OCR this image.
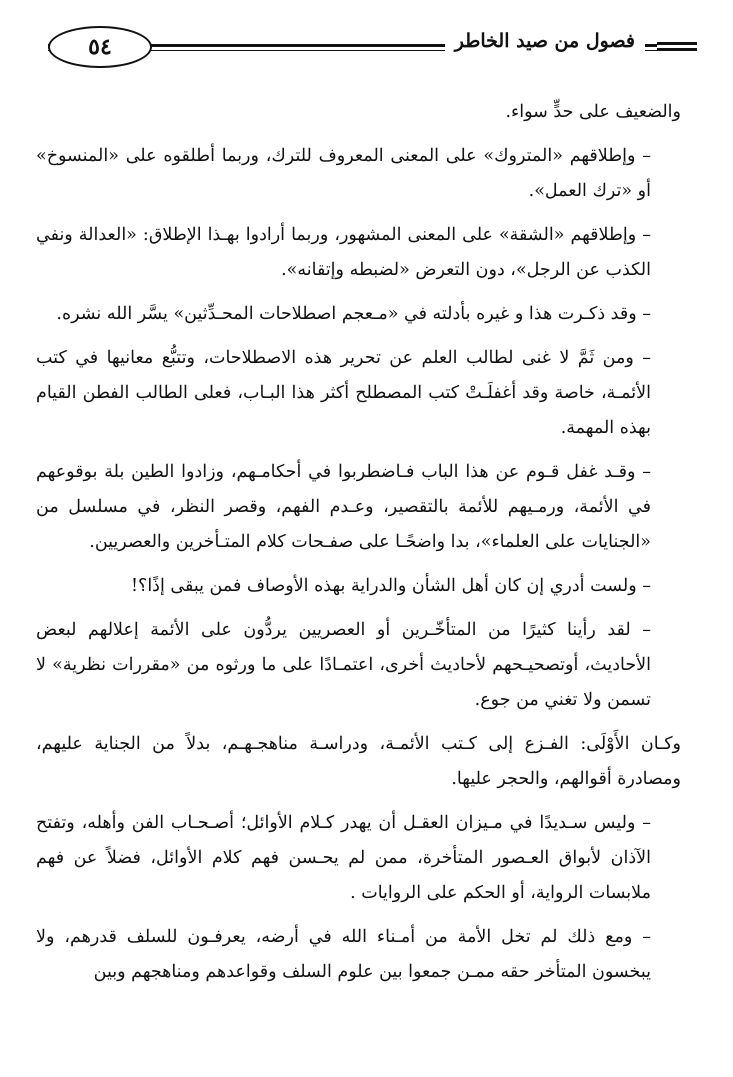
٥٤	فصول من صيد الخاطر

والضعيف على حدٍّ سواء.

– وإطلاقهم «المتروك» على المعنى المعروف للترك، وربما أطلقوه على «المنسوخ» أو «ترك العمل».

– وإطلاقهم «الشقة» على المعنى المشهور، وربما أرادوا بهـذا الإطلاق: «العدالة ونفي الكذب عن الرجل»، دون التعرض «لضبطه وإتقانه».

– وقد ذكـرت هذا و غيره بأدلته في «مـعجم اصطلاحات المحـدِّثين» يسَّر الله نشره.

– ومن ثَمَّ لا غنى لطالب العلم عن تحرير هذه الاصطلاحات، وتتبُّع معانيها في كتب الأئمـة، خاصة وقد أغفلَـتْ كتب المصطلح أكثر هذا البـاب، فعلى الطالب الفطن القيام بهذه المهمة.

– وقـد غفل قـوم عن هذا الباب فـاضطربوا في أحكامـهم، وزادوا الطين بلة بوقوعهم في الأئمة، ورمـيهم للأئمة بالتقصير، وعـدم الفهم، وقصر النظر، في مسلسل من «الجنايات على العلماء»، بدا واضحًـا على صفـحات كلام المتـأخرين والعصريين.

– ولست أدري إن كان أهل الشأن والدراية بهذه الأوصاف فمن يبقى إذًا؟!

– لقد رأينا كثيرًا من المتأخّـرين أو العصريين يردُّون على الأئمة إعلالهم لبعض الأحاديث، أوتصحيـحهم لأحاديث أخرى، اعتمـادًا على ما ورثوه من «مقررات نظرية» لا تسمن ولا تغني من جوع.

وكـان الأَوْلَى: الفـزع إلى كـتب الأئمـة، ودراسـة مناهجـهـم، بدلاً من الجناية عليهم، ومصادرة أقوالهم، والحجر عليها.

– وليس سـديدًا في مـيزان العقـل أن يهدر كـلام الأوائل؛ أصـحـاب الفن وأهله، وتفتح الآذان لأبواق العـصور المتأخرة، ممن لم يحـسن فهم كلام الأوائل، فضلاً عن فهم ملابسات الرواية، أو الحكم على الروايات .

– ومع ذلك لم تخل الأمة من أمـناء الله في أرضه، يعرفـون للسلف قدرهم، ولا يبخسون المتأخر حقه ممـن جمعوا بين علوم السلف وقواعدهم ومناهجهم وبين
